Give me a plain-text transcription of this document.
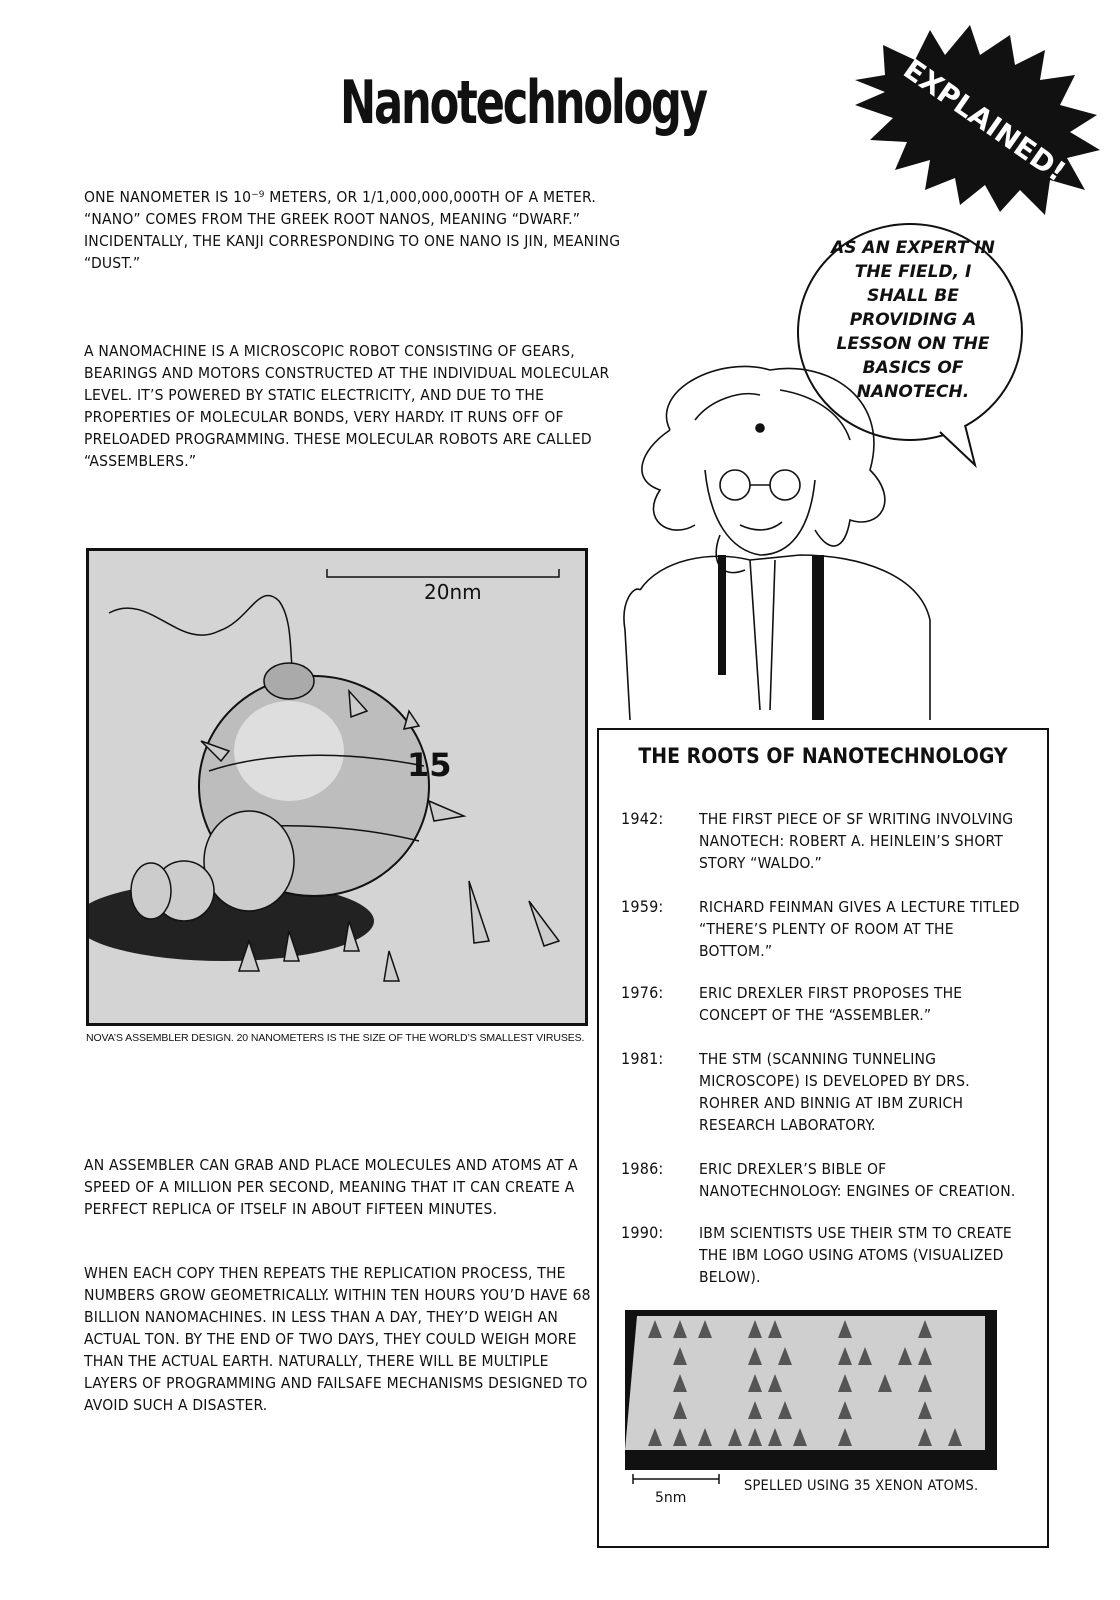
Nanotechnology	EXPLAINED!

ONE NANOMETER IS 10⁻⁹ METERS, OR 1/1,000,000,000TH OF A METER. “NANO” COMES FROM THE GREEK ROOT NANOS, MEANING “DWARF.” INCIDENTALLY, THE KANJI CORRESPONDING TO ONE NANO IS JIN, MEANING “DUST.”

A NANOMACHINE IS A MICROSCOPIC ROBOT CONSISTING OF GEARS, BEARINGS AND MOTORS CONSTRUCTED AT THE INDIVIDUAL MOLECULAR LEVEL. IT’S POWERED BY STATIC ELECTRICITY, AND DUE TO THE PROPERTIES OF MOLECULAR BONDS, VERY HARDY. IT RUNS OFF OF PRELOADED PROGRAMMING. THESE MOLECULAR ROBOTS ARE CALLED “ASSEMBLERS.”

AS AN EXPERT IN THE FIELD, I SHALL BE PROVIDING A LESSON ON THE BASICS OF NANOTECH.
20nm
15
NOVA’S ASSEMBLER DESIGN. 20 NANOMETERS IS THE SIZE OF THE WORLD’S SMALLEST VIRUSES.

AN ASSEMBLER CAN GRAB AND PLACE MOLECULES AND ATOMS AT A SPEED OF A MILLION PER SECOND, MEANING THAT IT CAN CREATE A PERFECT REPLICA OF ITSELF IN ABOUT FIFTEEN MINUTES.

WHEN EACH COPY THEN REPEATS THE REPLICATION PROCESS, THE NUMBERS GROW GEOMETRICALLY. WITHIN TEN HOURS YOU’D HAVE 68 BILLION NANOMACHINES. IN LESS THAN A DAY, THEY’D WEIGH AN ACTUAL TON. BY THE END OF TWO DAYS, THEY COULD WEIGH MORE THAN THE ACTUAL EARTH. NATURALLY, THERE WILL BE MULTIPLE LAYERS OF PROGRAMMING AND FAILSAFE MECHANISMS DESIGNED TO AVOID SUCH A DISASTER.

THE ROOTS OF NANOTECHNOLOGY
1942:	THE FIRST PIECE OF SF WRITING INVOLVING NANOTECH: ROBERT A. HEINLEIN’S SHORT STORY “WALDO.”
1959:	RICHARD FEINMAN GIVES A LECTURE TITLED “THERE’S PLENTY OF ROOM AT THE BOTTOM.”
1976:	ERIC DREXLER FIRST PROPOSES THE CONCEPT OF THE “ASSEMBLER.”
1981:	THE STM (SCANNING TUNNELING MICROSCOPE) IS DEVELOPED BY DRS. ROHRER AND BINNIG AT IBM ZURICH RESEARCH LABORATORY.
1986:	ERIC DREXLER’S BIBLE OF NANOTECHNOLOGY: ENGINES OF CREATION.
1990:	IBM SCIENTISTS USE THEIR STM TO CREATE THE IBM LOGO USING ATOMS (VISUALIZED BELOW).
5nm
SPELLED USING 35 XENON ATOMS.
